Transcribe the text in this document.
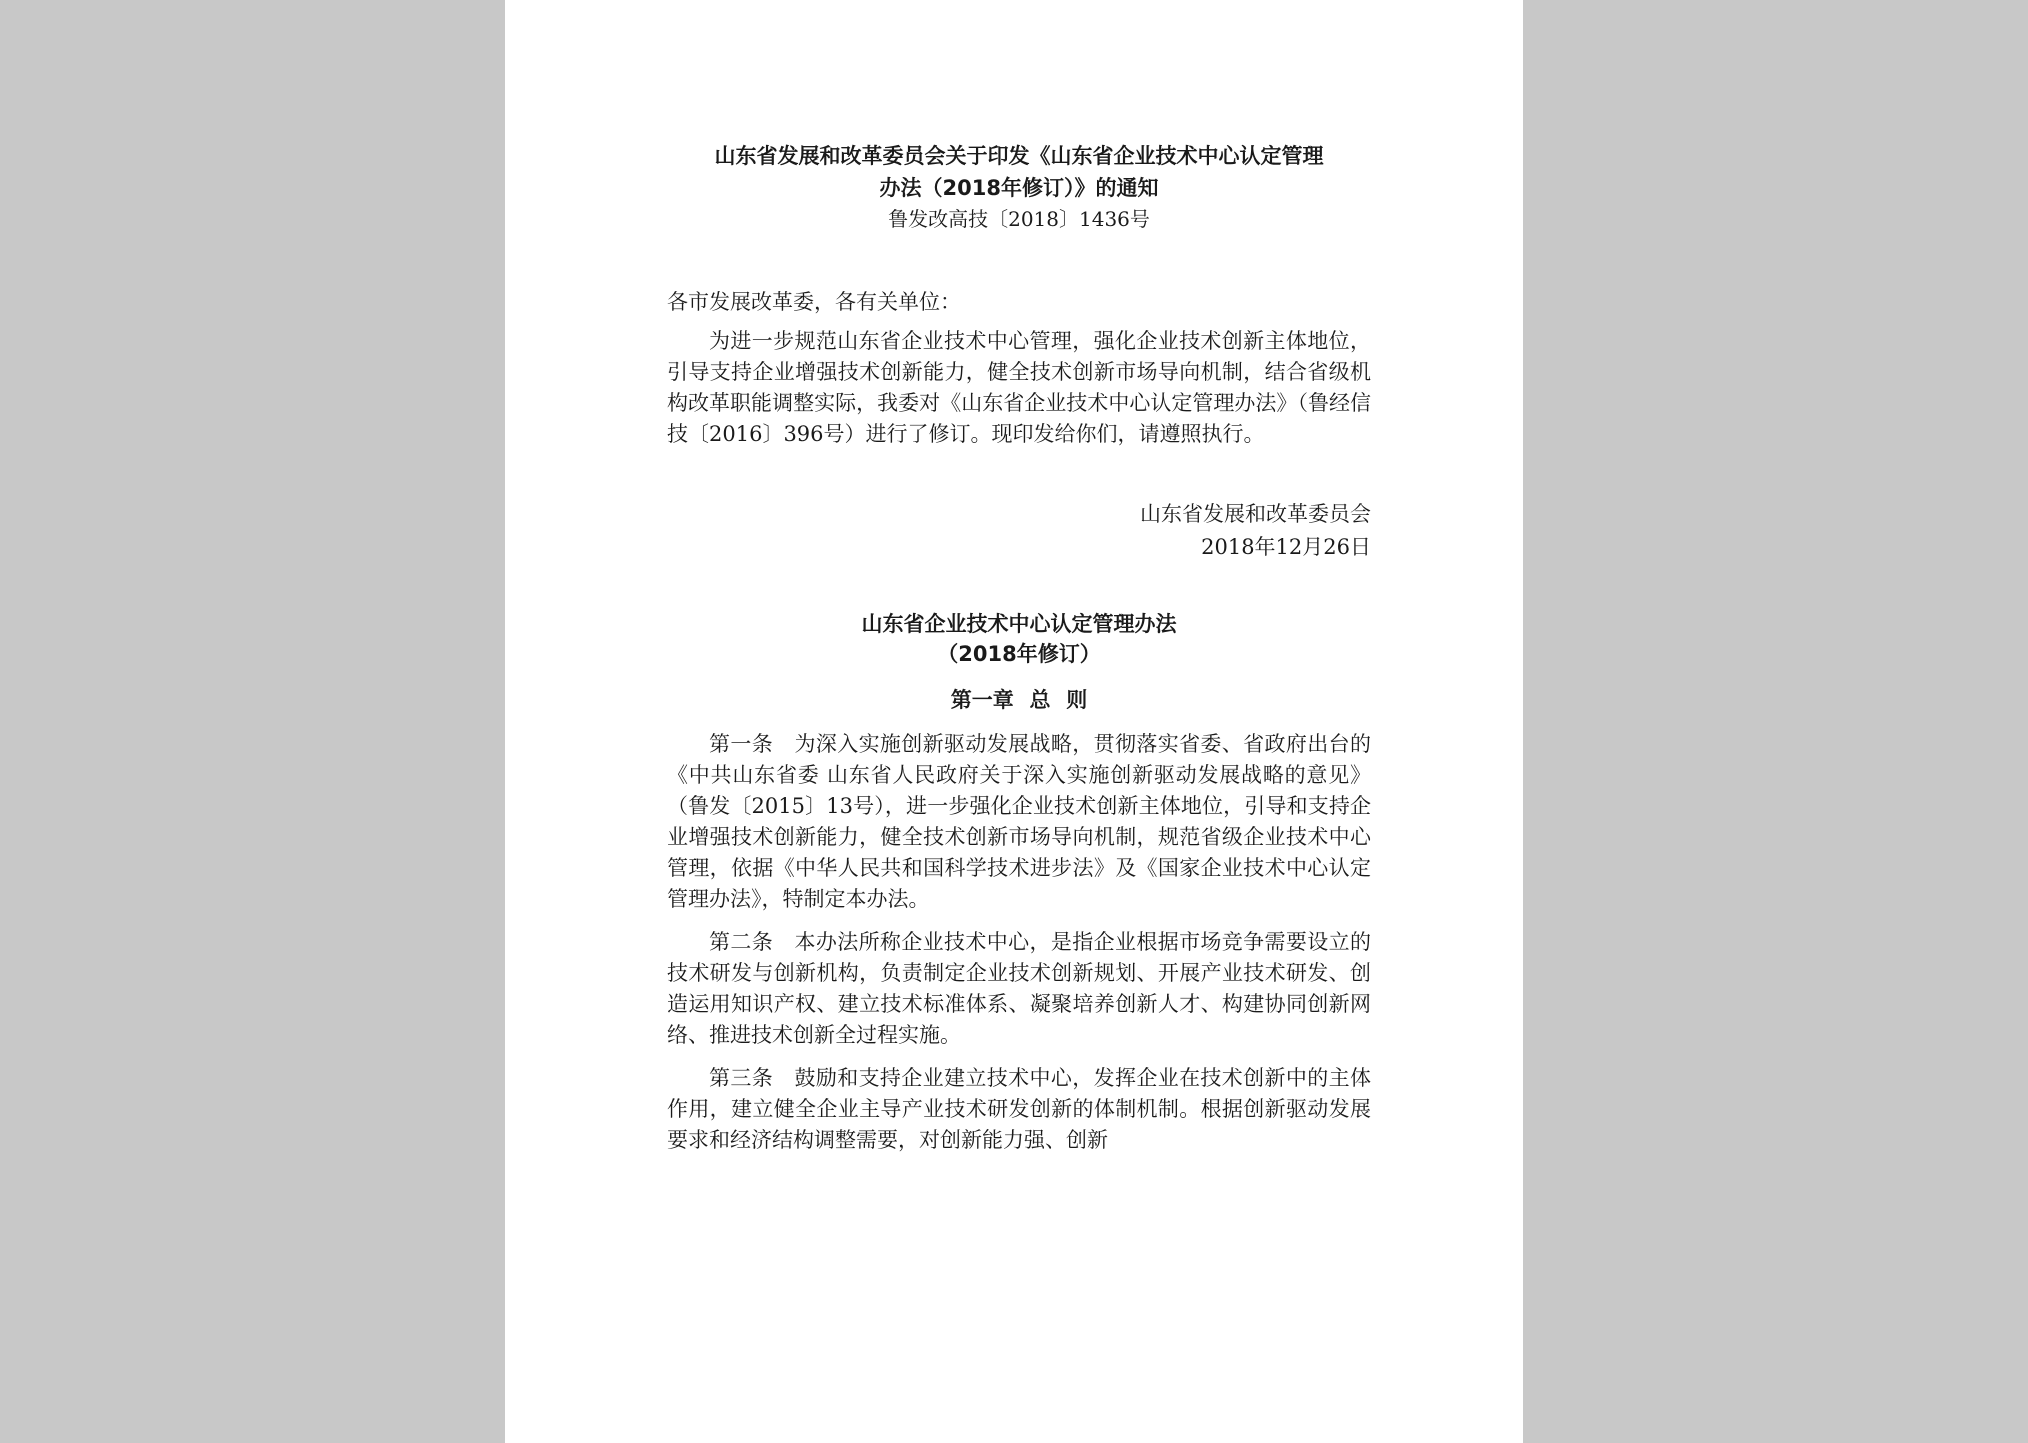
山东省发展和改革委员会关于印发《山东省企业技术中心认定管理

办法（2018年修订）》的通知

鲁发改高技〔2018〕1436号

各市发展改革委，各有关单位：

为进一步规范山东省企业技术中心管理，强化企业技术创新主体地位，引导支持企业增强技术创新能力，健全技术创新市场导向机制，结合省级机构改革职能调整实际，我委对《山东省企业技术中心认定管理办法》（鲁经信技〔2016〕396号）进行了修订。现印发给你们，请遵照执行。

山东省发展和改革委员会

2018年12月26日

山东省企业技术中心认定管理办法

（2018年修订）

第一章 总 则

第一条　为深入实施创新驱动发展战略，贯彻落实省委、省政府出台的《中共山东省委 山东省人民政府关于深入实施创新驱动发展战略的意见》（鲁发〔2015〕13号），进一步强化企业技术创新主体地位，引导和支持企业增强技术创新能力，健全技术创新市场导向机制，规范省级企业技术中心管理，依据《中华人民共和国科学技术进步法》及《国家企业技术中心认定管理办法》，特制定本办法。

第二条　本办法所称企业技术中心，是指企业根据市场竞争需要设立的技术研发与创新机构，负责制定企业技术创新规划、开展产业技术研发、创造运用知识产权、建立技术标准体系、凝聚培养创新人才、构建协同创新网络、推进技术创新全过程实施。

第三条　鼓励和支持企业建立技术中心，发挥企业在技术创新中的主体作用，建立健全企业主导产业技术研发创新的体制机制。根据创新驱动发展要求和经济结构调整需要，对创新能力强、创新
